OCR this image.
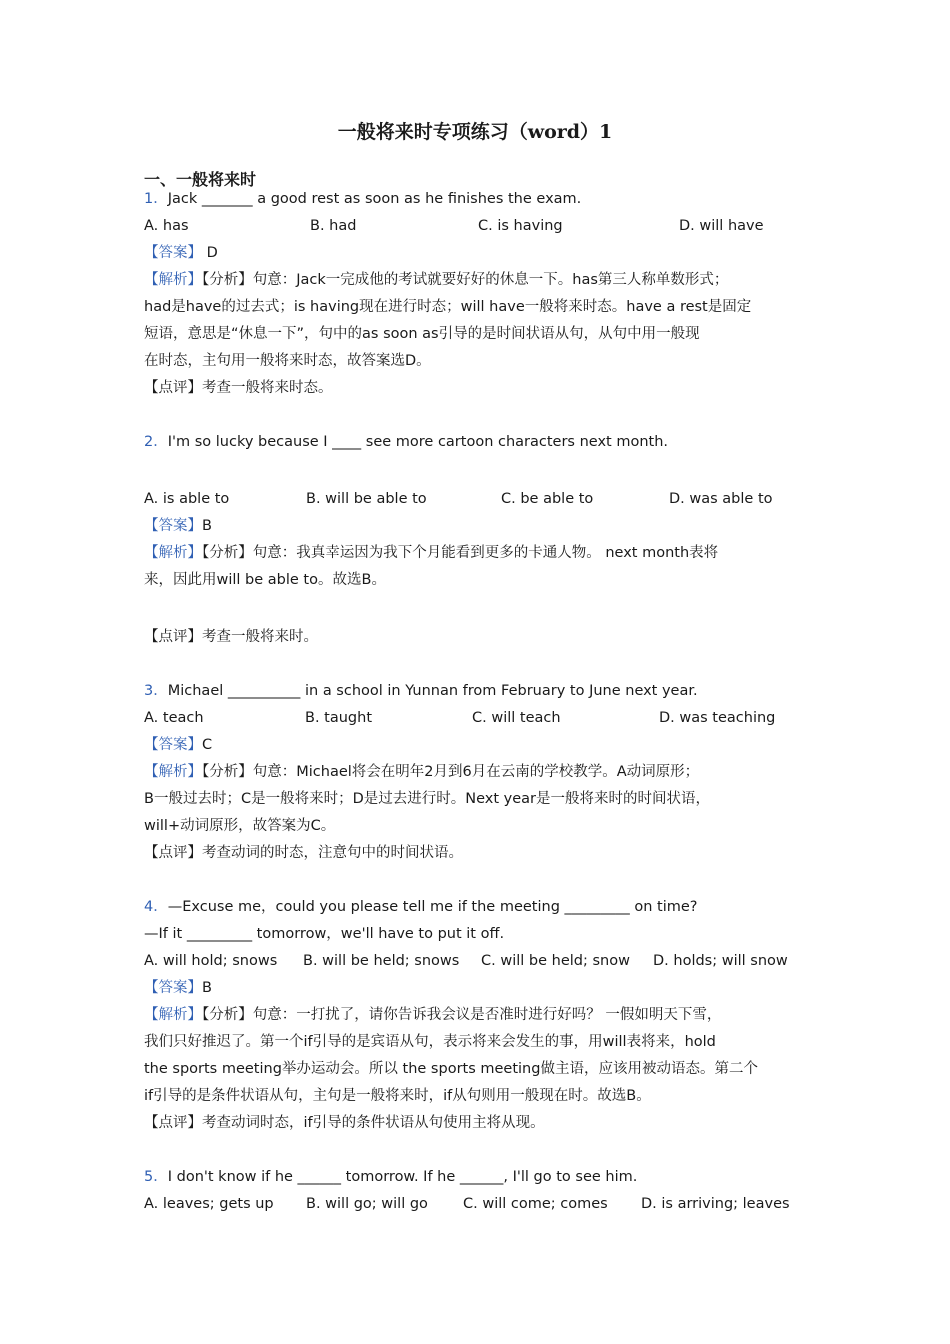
一般将来时专项练习（word）1
一、一般将来时
1．Jack _______ a good rest as soon as he finishes the exam.
A. has	B. had	C. is having	D. will have
【答案】 D
【解析】【分析】句意：Jack一完成他的考试就要好好的休息一下。has第三人称单数形式；
had是have的过去式；is having现在进行时态；will have一般将来时态。have a rest是固定
短语，意思是“休息一下”，句中的as soon as引导的是时间状语从句，从句中用一般现
在时态，主句用一般将来时态，故答案选D。
【点评】考查一般将来时态。
2．I'm so lucky because I ____ see more cartoon characters next month.
A. is able to	B. will be able to	C. be able to	D. was able to
【答案】B
【解析】【分析】句意：我真幸运因为我下个月能看到更多的卡通人物。 next month表将
来，因此用will be able to。故选B。
【点评】考查一般将来时。
3．Michael __________ in a school in Yunnan from February to June next year.
A. teach	B. taught	C. will teach	D. was teaching
【答案】C
【解析】【分析】句意：Michael将会在明年2月到6月在云南的学校教学。A动词原形；
B一般过去时；C是一般将来时；D是过去进行时。Next year是一般将来时的时间状语，
will+动词原形，故答案为C。
【点评】考查动词的时态，注意句中的时间状语。
4．—Excuse me，could you please tell me if the meeting _________ on time?
—If it _________ tomorrow，we'll have to put it off.
A. will hold; snows B. will be held; snows C. will be held; snow D. holds; will snow
【答案】B
【解析】【分析】句意：一打扰了，请你告诉我会议是否准时进行好吗？ 一假如明天下雪，
我们只好推迟了。第一个if引导的是宾语从句，表示将来会发生的事，用will表将来，hold
the sports meeting举办运动会。所以 the sports meeting做主语，应该用被动语态。第二个
if引导的是条件状语从句，主句是一般将来时，if从句则用一般现在时。故选B。
【点评】考查动词时态，if引导的条件状语从句使用主将从现。
5．I don't know if he ______ tomorrow. If he ______, I'll go to see him.
A. leaves; gets up B. will go; will go C. will come; comes D. is arriving; leaves
